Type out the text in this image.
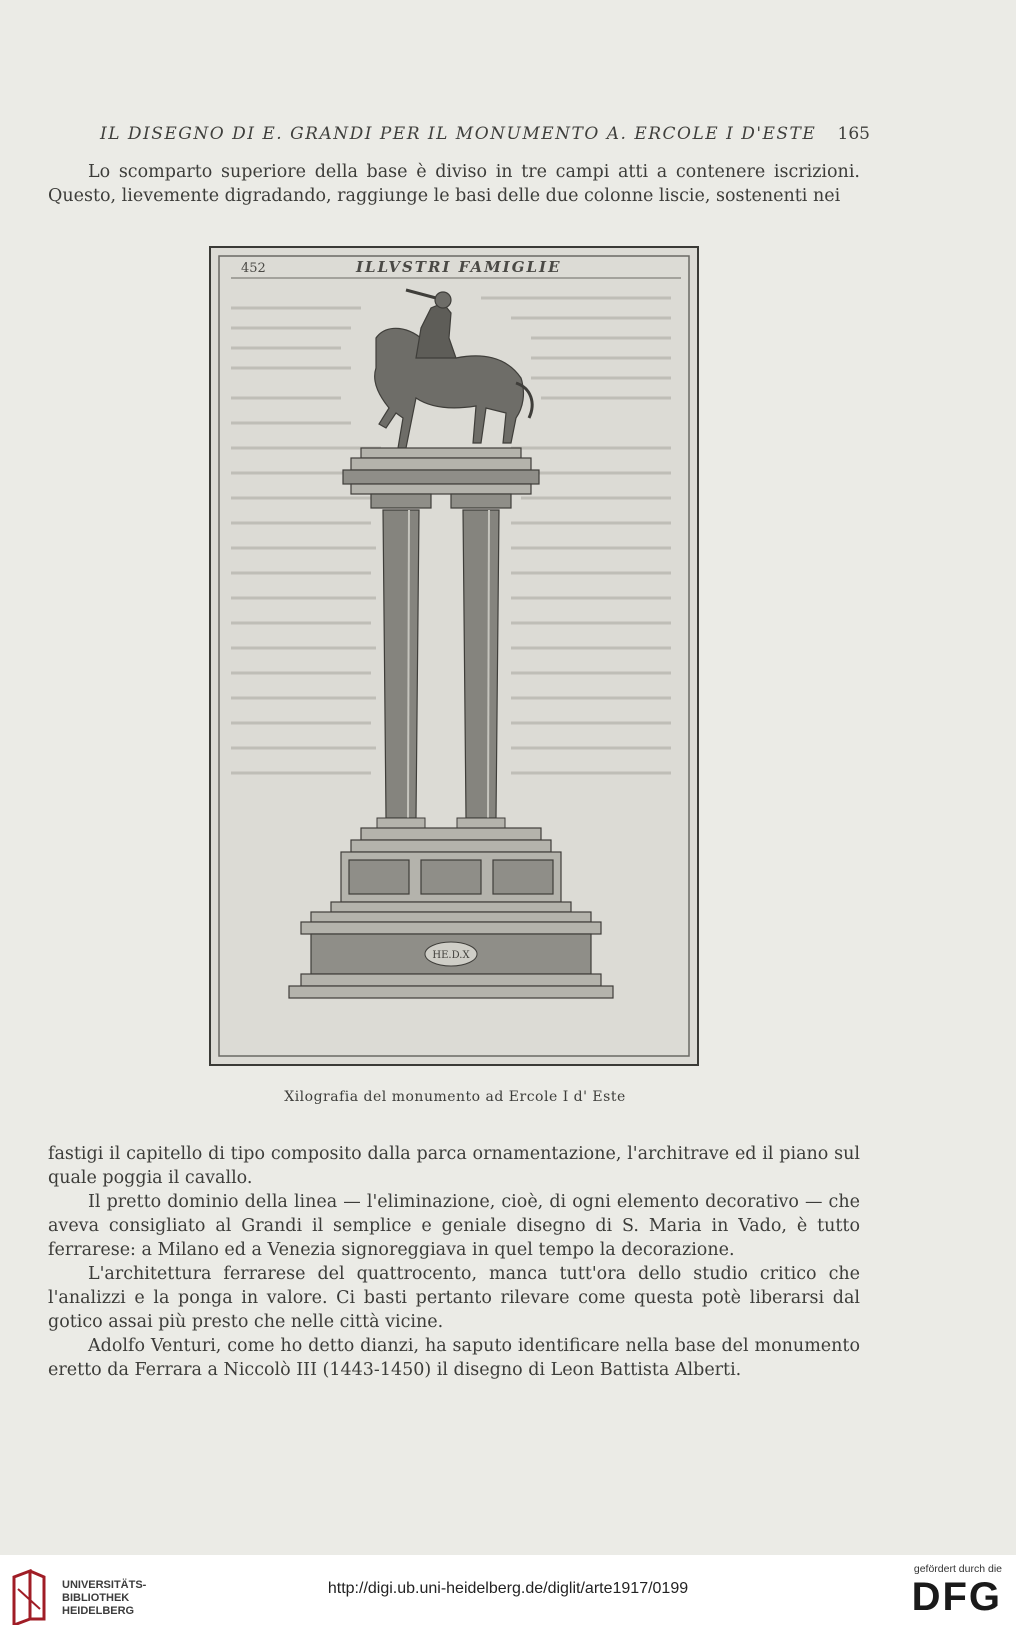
IL DISEGNO DI E. GRANDI PER IL MONUMENTO A. ERCOLE I D'ESTE 165

Lo scomparto superiore della base è diviso in tre campi atti a contenere iscrizioni. Questo, lievemente digradando, raggiunge le basi delle due colonne liscie, sostenenti nei

452	ILLVSTRI FAMIGLIE
HE.D.X
Xilografia del monumento ad Ercole I d' Este

fastigi il capitello di tipo composito dalla parca ornamentazione, l'architrave ed il piano sul quale poggia il cavallo.

Il pretto dominio della linea — l'eliminazione, cioè, di ogni elemento decorativo — che aveva consigliato al Grandi il semplice e geniale disegno di S. Maria in Vado, è tutto ferrarese: a Milano ed a Venezia signoreggiava in quel tempo la decorazione.

L'architettura ferrarese del quattrocento, manca tutt'ora dello studio critico che l'analizzi e la ponga in valore. Ci basti pertanto rilevare come questa potè liberarsi dal gotico assai più presto che nelle città vicine.

Adolfo Venturi, come ho detto dianzi, ha saputo identificare nella base del monumento eretto da Ferrara a Niccolò III (1443-1450) il disegno di Leon Battista Alberti.

UNIVERSITÄTS-
BIBLIOTHEK
HEIDELBERG
http://digi.ub.uni-heidelberg.de/diglit/arte1917/0199
gefördert durch die
DFG
